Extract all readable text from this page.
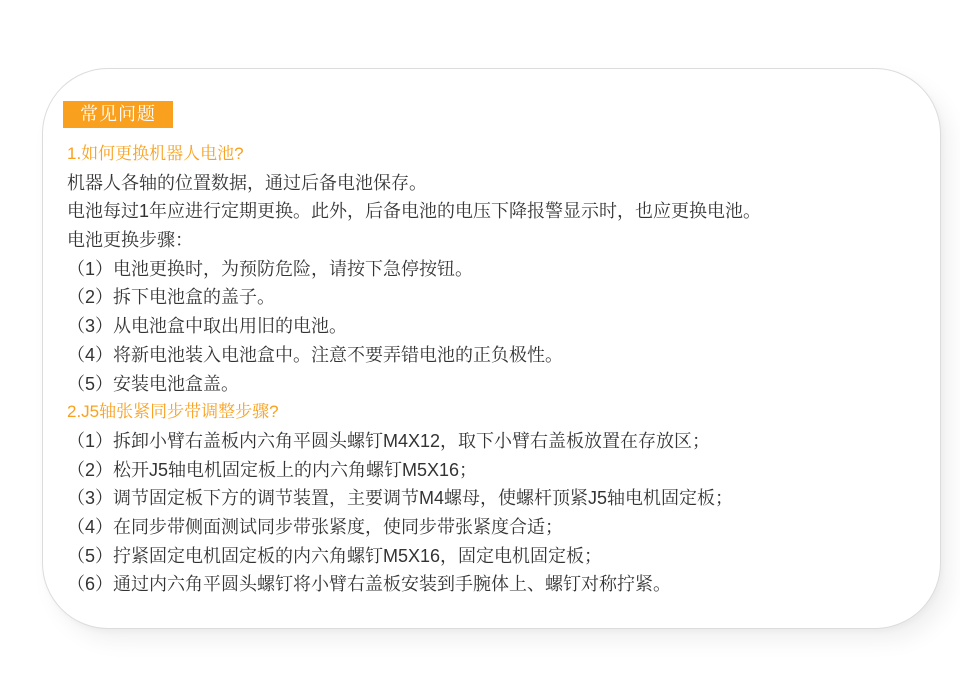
常见问题

1.如何更换机器人电池?

机器人各轴的位置数据，通过后备电池保存。

电池每过1年应进行定期更换。此外，后备电池的电压下降报警显示时，也应更换电池。

电池更换步骤：

（1）电池更换时，为预防危险，请按下急停按钮。

（2）拆下电池盒的盖子。

（3）从电池盒中取出用旧的电池。

（4）将新电池装入电池盒中。注意不要弄错电池的正负极性。

（5）安装电池盒盖。

2.J5轴张紧同步带调整步骤?

（1）拆卸小臂右盖板内六角平圆头螺钉M4X12，取下小臂右盖板放置在存放区；

（2）松开J5轴电机固定板上的内六角螺钉M5X16；

（3）调节固定板下方的调节装置，主要调节M4螺母，使螺杆顶紧J5轴电机固定板；

（4）在同步带侧面测试同步带张紧度，使同步带张紧度合适；

（5）拧紧固定电机固定板的内六角螺钉M5X16，固定电机固定板；

（6）通过内六角平圆头螺钉将小臂右盖板安装到手腕体上、螺钉对称拧紧。
